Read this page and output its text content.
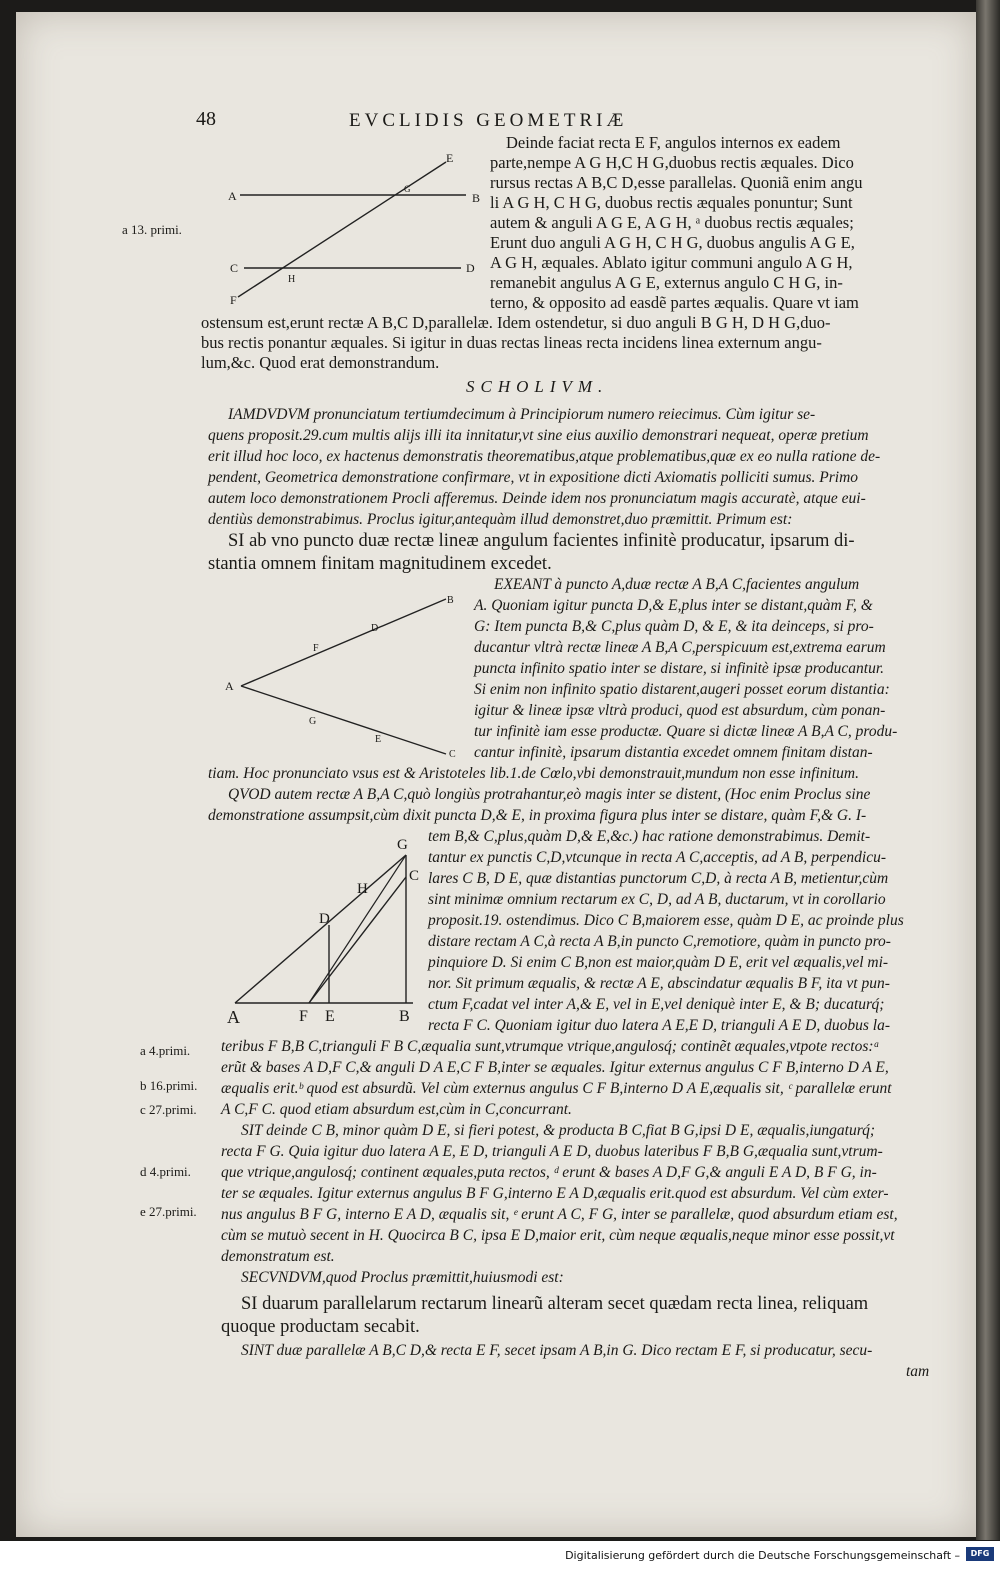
48	EVCLIDIS GEOMETRIÆ
E
A	B
G
C	D
H
F
a 13. primi.
Deinde faciat recta E F, angulos internos ex eadem
parte,nempe A G H,C H G,duobus rectis æquales. Dico
rursus rectas A B,C D,esse parallelas. Quoniã enim angu
li A G H, C H G, duobus rectis æquales ponuntur; Sunt
autem & anguli A G E, A G H, ᵃ duobus rectis æquales;
Erunt duo anguli A G H, C H G, duobus angulis A G E,
A G H, æquales. Ablato igitur communi angulo A G H,
remanebit angulus A G E, externus angulo C H G, in-
terno, & opposito ad easdẽ partes æqualis. Quare vt iam
ostensum est,erunt rectæ A B,C D,parallelæ. Idem ostendetur, si duo anguli B G H, D H G,duo-
bus rectis ponantur æquales. Si igitur in duas rectas lineas recta incidens linea externum angu-
lum,&c. Quod erat demonstrandum.
SCHOLIVM.
IAMDVDVM pronunciatum tertiumdecimum à Principiorum numero reiecimus. Cùm igitur se-
quens proposit.29.cum multis alijs illi ita innitatur,vt sine eius auxilio demonstrari nequeat, operæ pretium
erit illud hoc loco, ex hactenus demonstratis theorematibus,atque problematibus,quæ ex eo nulla ratione de-
pendent, Geometrica demonstratione confirmare, vt in expositione dicti Axiomatis polliciti sumus. Primo
autem loco demonstrationem Procli afferemus. Deinde idem nos pronunciatum magis accuratè, atque eui-
dentiùs demonstrabimus. Proclus igitur,antequàm illud demonstret,duo præmittit. Primum est:
SI ab vno puncto duæ rectæ lineæ angulum facientes infinitè producatur, ipsarum di-
stantia omnem finitam magnitudinem excedet.
B
D
F
A
G
E
C
EXEANT à puncto A,duæ rectæ A B,A C,facientes angulum
A. Quoniam igitur puncta D,& E,plus inter se distant,quàm F, &
G: Item puncta B,& C,plus quàm D, & E, & ita deinceps, si pro-
ducantur vltrà rectæ lineæ A B,A C,perspicuum est,extrema earum
puncta infinito spatio inter se distare, si infinitè ipsæ producantur.
Si enim non infinito spatio distarent,augeri posset eorum distantia:
igitur & lineæ ipsæ vltrà produci, quod est absurdum, cùm ponan-
tur infinitè iam esse productæ. Quare si dictæ lineæ A B,A C, produ-
cantur infinitè, ipsarum distantia excedet omnem finitam distan-
tiam. Hoc pronunciato vsus est & Aristoteles lib.1.de Cœlo,vbi demonstrauit,mundum non esse infinitum.
QVOD autem rectæ A B,A C,quò longiùs protrahantur,eò magis inter se distent, (Hoc enim Proclus sine
demonstratione assumpsit,cùm dixit puncta D,& E, in proxima figura plus inter se distare, quàm F,& G. I-
G
C
H
D
A	F E	B
tem B,& C,plus,quàm D,& E,&c.) hac ratione demonstrabimus. Demit-
tantur ex punctis C,D,vtcunque in recta A C,acceptis, ad A B, perpendicu-
lares C B, D E, quæ distantias punctorum C,D, à recta A B, metientur,cùm
sint minimæ omnium rectarum ex C, D, ad A B, ductarum, vt in corollario
proposit.19. ostendimus. Dico C B,maiorem esse, quàm D E, ac proinde plus
distare rectam A C,à recta A B,in puncto C,remotiore, quàm in puncto pro-
pinquiore D. Si enim C B,non est maior,quàm D E, erit vel æqualis,vel mi-
nor. Sit primum æqualis, & rectæ A E, abscindatur æqualis B F, ita vt pun-
ctum F,cadat vel inter A,& E, vel in E,vel deniquè inter E, & B; ducaturq́;
recta F C. Quoniam igitur duo latera A E,E D, trianguli A E D, duobus la-
a 4.primi.
b 16.primi.
c 27.primi.
d 4.primi.
e 27.primi.
teribus F B,B C,trianguli F B C,æqualia sunt,vtrumque vtrique,angulosq́; continẽt æquales,vtpote rectos:ᵃ
erũt & bases A D,F C,& anguli D A E,C F B,inter se æquales. Igitur externus angulus C F B,interno D A E,
æqualis erit.ᵇ quod est absurdũ. Vel cùm externus angulus C F B,interno D A E,æqualis sit, ᶜ parallelæ erunt
A C,F C. quod etiam absurdum est,cùm in C,concurrant.
SIT deinde C B, minor quàm D E, si fieri potest, & producta B C,fiat B G,ipsi D E, æqualis,iungaturq́;
recta F G. Quia igitur duo latera A E, E D, trianguli A E D, duobus lateribus F B,B G,æqualia sunt,vtrum-
que vtrique,angulosq́; continent æquales,puta rectos, ᵈ erunt & bases A D,F G,& anguli E A D, B F G, in-
ter se æquales. Igitur externus angulus B F G,interno E A D,æqualis erit.quod est absurdum. Vel cùm exter-
nus angulus B F G, interno E A D, æqualis sit, ᵉ erunt A C, F G, inter se parallelæ, quod absurdum etiam est,
cùm se mutuò secent in H. Quocirca B C, ipsa E D,maior erit, cùm neque æqualis,neque minor esse possit,vt
demonstratum est.
SECVNDVM,quod Proclus præmittit,huiusmodi est:
SI duarum parallelarum rectarum linearũ alteram secet quædam recta linea, reliquam
quoque productam secabit.
SINT duæ parallelæ A B,C D,& recta E F, secet ipsam A B,in G. Dico rectam E F, si producatur, secu-
tam
Digitalisierung gefördert durch die Deutsche Forschungsgemeinschaft –	DFG
